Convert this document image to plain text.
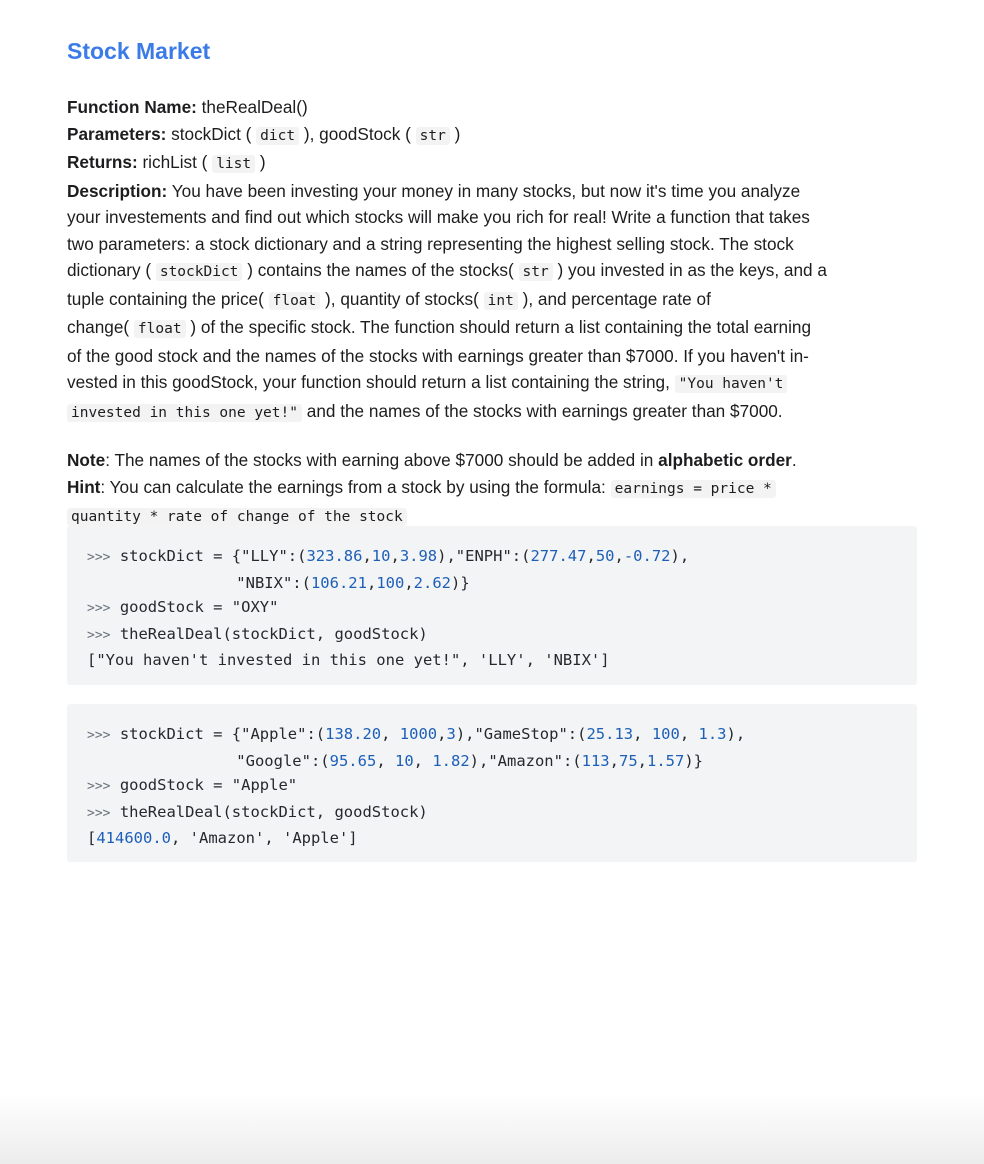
Stock Market
Function Name: theRealDeal()
Parameters: stockDict ( dict ), goodStock ( str )
Returns: richList ( list )
Description: You have been investing your money in many stocks, but now it's time you analyze
your investements and find out which stocks will make you rich for real! Write a function that takes
two parameters: a stock dictionary and a string representing the highest selling stock. The stock
dictionary ( stockDict ) contains the names of the stocks( str ) you invested in as the keys, and a
tuple containing the price( float ), quantity of stocks( int ), and percentage rate of
change( float ) of the specific stock. The function should return a list containing the total earning
of the good stock and the names of the stocks with earnings greater than $7000. If you haven't in-
vested in this goodStock, your function should return a list containing the string, "You haven't
invested in this one yet!" and the names of the stocks with earnings greater than $7000.
Note: The names of the stocks with earning above $7000 should be added in alphabetic order.
Hint: You can calculate the earnings from a stock by using the formula: earnings = price *
quantity * rate of change of the stock
>>> stockDict = {"LLY":(323.86,10,3.98),"ENPH":(277.47,50,-0.72),
"NBIX":(106.21,100,2.62)}
>>> goodStock = "OXY"
>>> theRealDeal(stockDict, goodStock)
["You haven't invested in this one yet!", 'LLY', 'NBIX']
>>> stockDict = {"Apple":(138.20, 1000,3),"GameStop":(25.13, 100, 1.3),
"Google":(95.65, 10, 1.82),"Amazon":(113,75,1.57)}
>>> goodStock = "Apple"
>>> theRealDeal(stockDict, goodStock)
[414600.0, 'Amazon', 'Apple']
